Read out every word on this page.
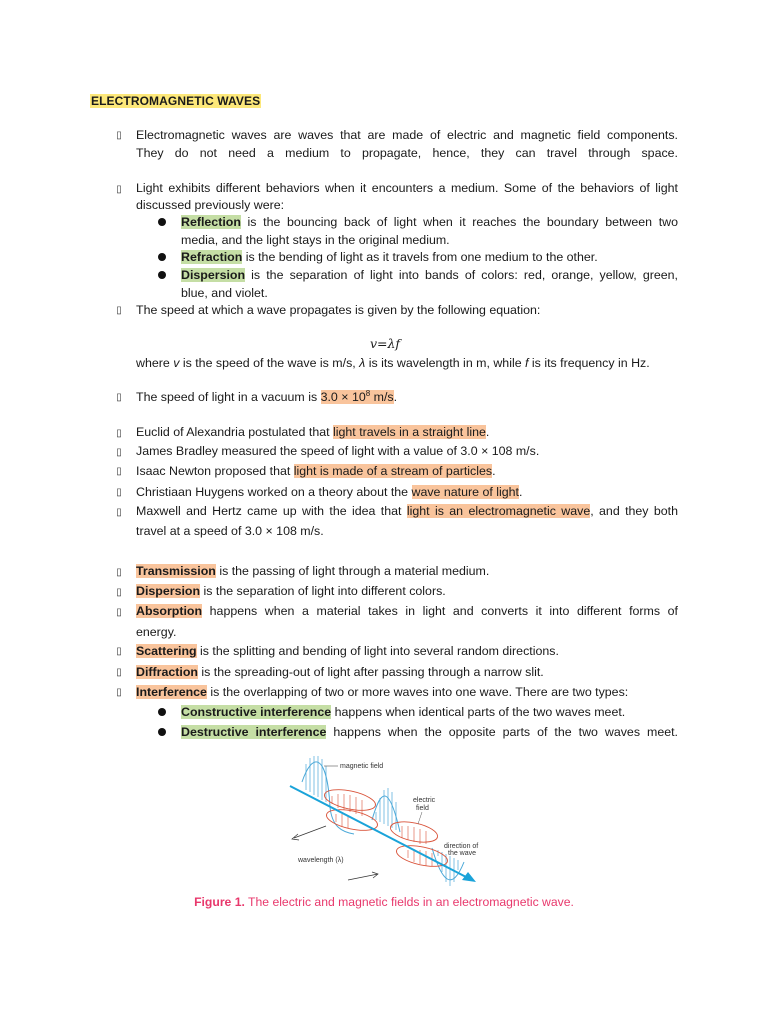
ELECTROMAGNETIC WAVES
▯
Electromagnetic waves are waves that are made of electric and magnetic field components.
They do not need a medium to propagate, hence, they can travel through space.
▯
Light exhibits different behaviors when it encounters a medium. Some of the behaviors of light
discussed previously were:
Reflection is the bouncing back of light when it reaches the boundary between two
media, and the light stays in the original medium.
Refraction is the bending of light as it travels from one medium to the other.
Dispersion is the separation of light into bands of colors: red, orange, yellow, green,
blue, and violet.
▯
The speed at which a wave propagates is given by the following equation:
v=λf
where v is the speed of the wave is m/s, λ is its wavelength in m, while f is its frequency in Hz.
▯
The speed of light in a vacuum is $3.0 \times 10^8$ m/s.
▯
Euclid of Alexandria postulated that light travels in a straight line.
▯
James Bradley measured the speed of light with a value of 3.0 × 108 m/s.
▯
Isaac Newton proposed that light is made of a stream of particles.
▯
Christiaan Huygens worked on a theory about the wave nature of light.
▯
Maxwell and Hertz came up with the idea that light is an electromagnetic wave, and they both
travel at a speed of 3.0 × 108 m/s.
▯
Transmission is the passing of light through a material medium.
▯
Dispersion is the separation of light into different colors.
▯
Absorption happens when a material takes in light and converts it into different forms of
energy.
▯
Scattering is the splitting and bending of light into several random directions.
▯
Diffraction is the spreading-out of light after passing through a narrow slit.
▯
Interference is the overlapping of two or more waves into one wave. There are two types:
Constructive interference happens when identical parts of the two waves meet.
Destructive interference happens when the opposite parts of the two waves meet.
magnetic field
electric
field
direction of
the wave
wavelength (λ)
Figure 1. The electric and magnetic fields in an electromagnetic wave.
